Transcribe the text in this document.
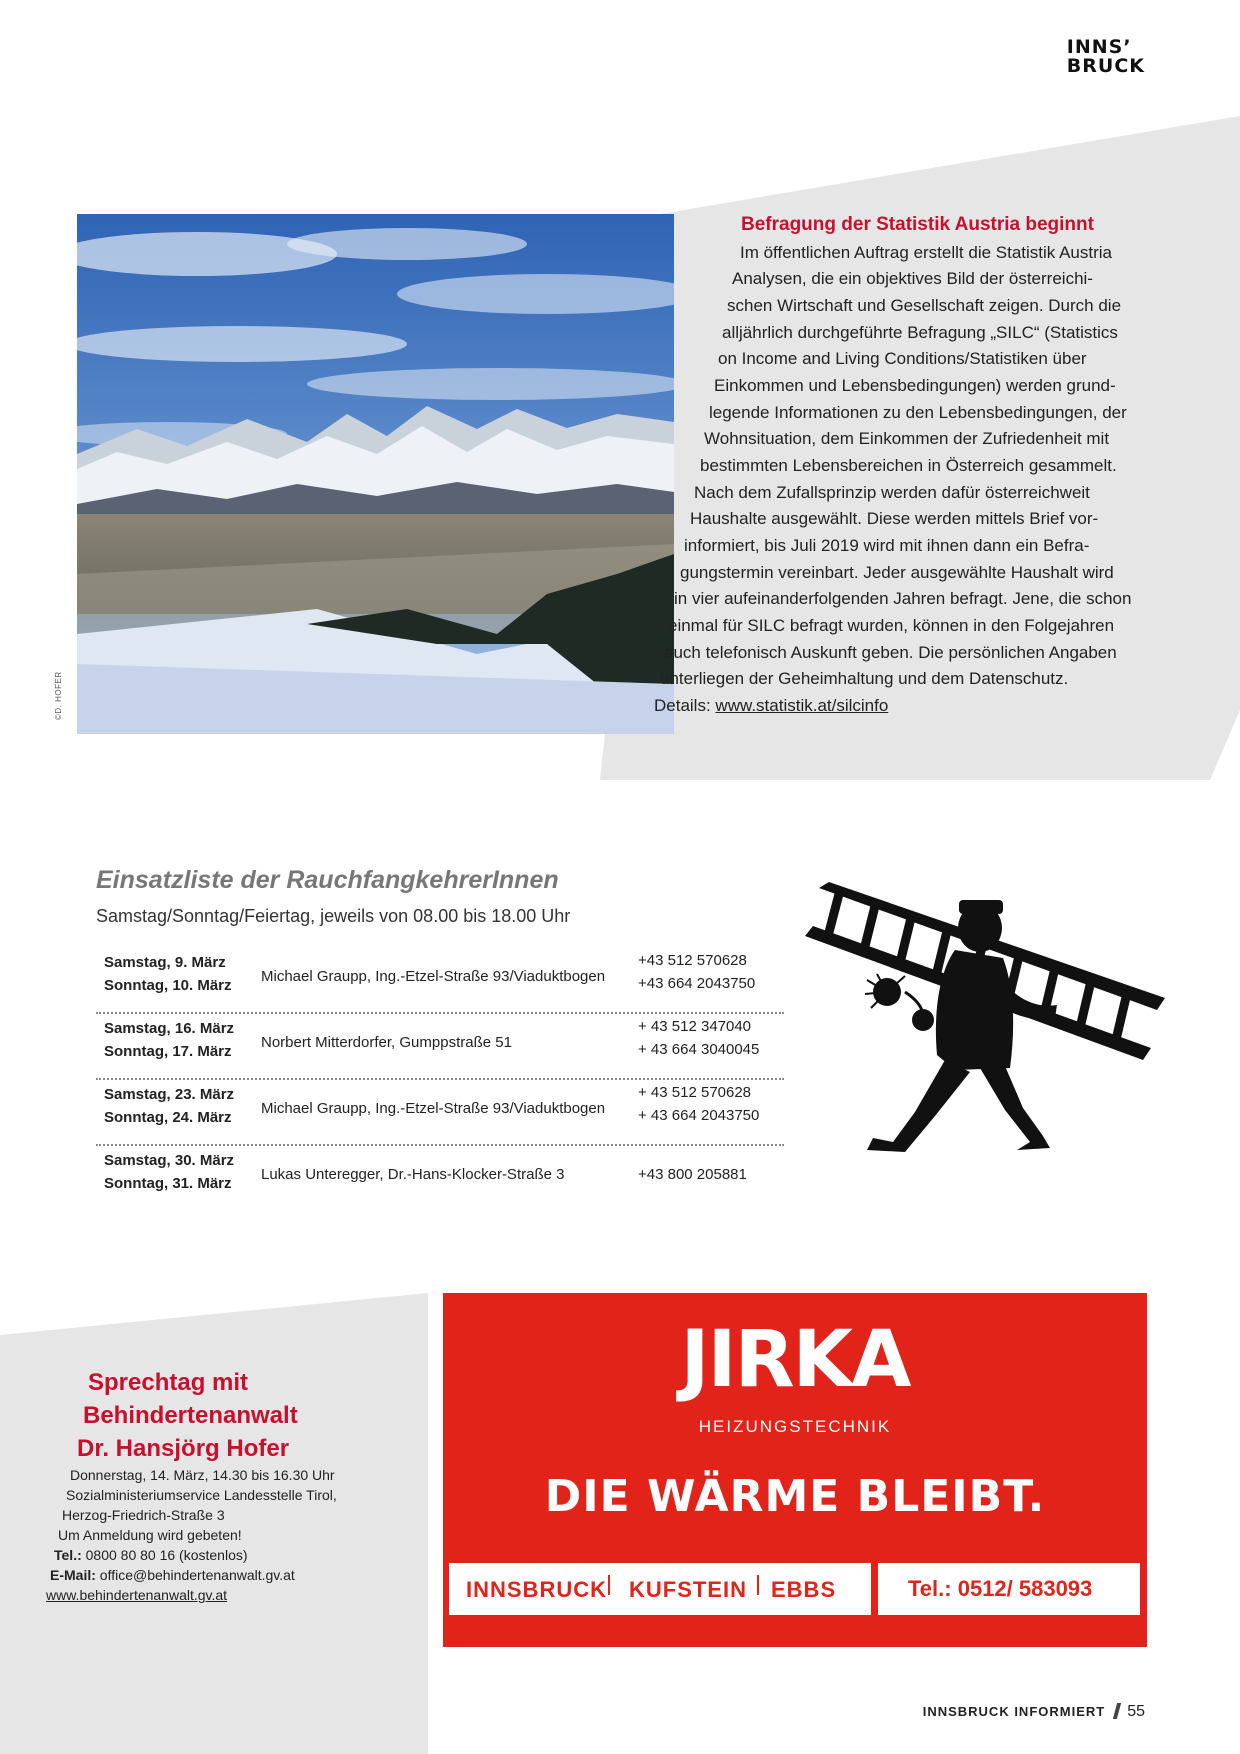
INNS’
BRUCK
©D. HOFER
Befragung der Statistik Austria beginnt
Im öffentlichen Auftrag erstellt die Statistik Austria
Analysen, die ein objektives Bild der österreichi-
schen Wirtschaft und Gesellschaft zeigen. Durch die
alljährlich durchgeführte Befragung „SILC“ (Statistics
on Income and Living Conditions/Statistiken über
Einkommen und Lebensbedingungen) werden grund-
legende Informationen zu den Lebensbedingungen, der
Wohnsituation, dem Einkommen der Zufriedenheit mit
bestimmten Lebensbereichen in Österreich gesammelt.
Nach dem Zufallsprinzip werden dafür österreichweit
Haushalte ausgewählt. Diese werden mittels Brief vor-
informiert, bis Juli 2019 wird mit ihnen dann ein Befra-
gungstermin vereinbart. Jeder ausgewählte Haushalt wird
in vier aufeinanderfolgenden Jahren befragt. Jene, die schon
einmal für SILC befragt wurden, können in den Folgejahren
auch telefonisch Auskunft geben. Die persönlichen Angaben
unterliegen der Geheimhaltung und dem Datenschutz.
Details: www.statistik.at/silcinfo
Einsatzliste der RauchfangkehrerInnen
Samstag/Sonntag/Feiertag, jeweils von 08.00 bis 18.00 Uhr
Samstag, 9. März
Sonntag, 10. März
Michael Graupp, Ing.-Etzel-Straße 93/Viaduktbogen
+43 512 570628
+43 664 2043750
Samstag, 16. März
Sonntag, 17. März
Norbert Mitterdorfer, Gumppstraße 51
+ 43 512 347040
+ 43 664 3040045
Samstag, 23. März
Sonntag, 24. März
Michael Graupp, Ing.-Etzel-Straße 93/Viaduktbogen
+ 43 512 570628
+ 43 664 2043750
Samstag, 30. März
Sonntag, 31. März
Lukas Unteregger, Dr.-Hans-Klocker-Straße 3	+43 800 205881
Sprechtag mit
Behindertenanwalt
Dr. Hansjörg Hofer
Donnerstag, 14. März, 14.30 bis 16.30 Uhr
Sozialministeriumservice Landesstelle Tirol,
Herzog-Friedrich-Straße 3
Um Anmeldung wird gebeten!
Tel.: 0800 80 80 16 (kostenlos)
E-Mail: office@behindertenanwalt.gv.at
www.behindertenanwalt.gv.at
JIRKA
HEIZUNGSTECHNIK
DIE WÄRME BLEIBT.
INNSBRUCK KUFSTEIN EBBS	Tel.: 0512/ 583093
INNSBRUCK INFORMIERT 55
